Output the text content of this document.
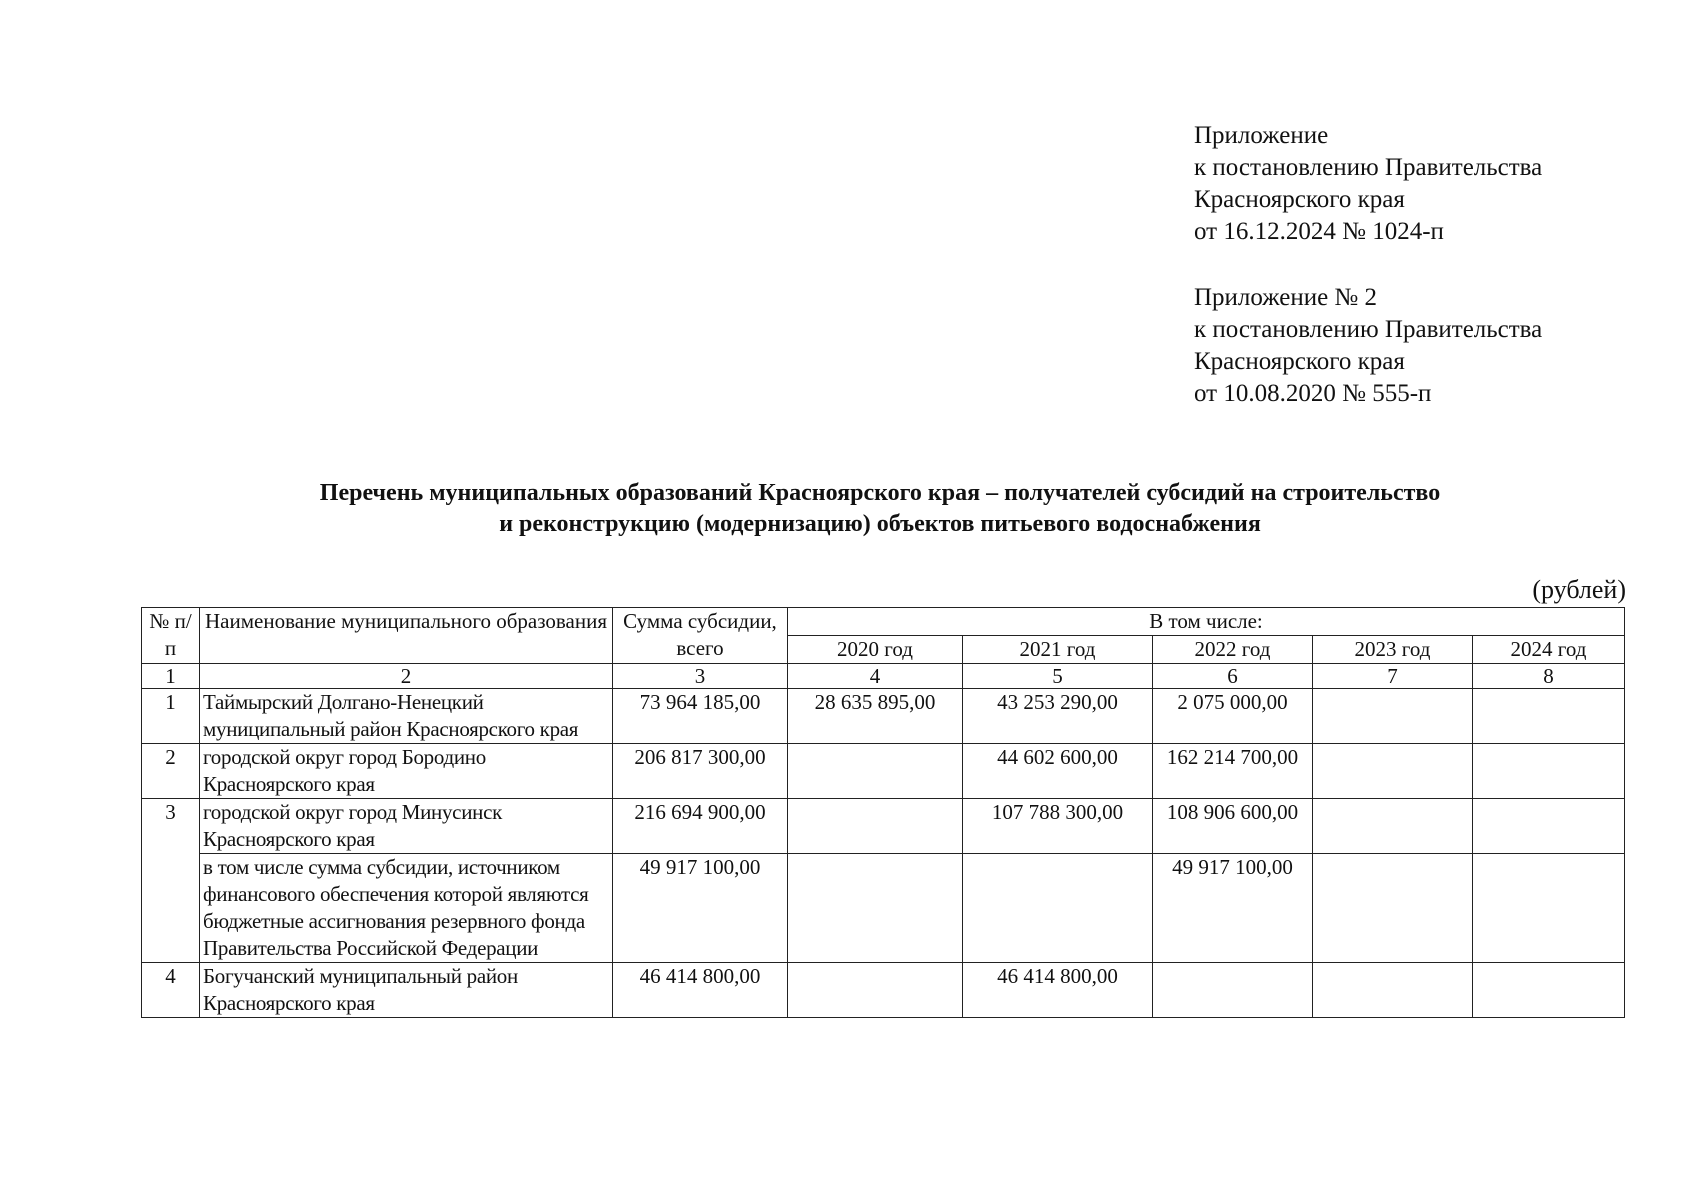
Приложение
к постановлению Правительства
Красноярского края
от 16.12.2024 № 1024-п
Приложение № 2
к постановлению Правительства
Красноярского края
от 10.08.2020 № 555-п
Перечень муниципальных образований Красноярского края – получателей субсидий на строительство
и реконструкцию (модернизацию) объектов питьевого водоснабжения
(рублей)
№ п/п	Наименование муниципального образования	Сумма субсидии, всего	В том числе:				
			2020 год	2021 год	2022 год	2023 год	2024 год
1	2	3	4	5	6	7	8
1	Таймырский Долгано-Ненецкий муниципальный район Красноярского края	73 964 185,00	28 635 895,00	43 253 290,00	2 075 000,00		
2	городской округ город Бородино Красноярского края	206 817 300,00		44 602 600,00	162 214 700,00		
3	городской округ город Минусинск Красноярского края	216 694 900,00		107 788 300,00	108 906 600,00		
	в том числе сумма субсидии, источником финансового обеспечения которой являются бюджетные ассигнования резервного фонда Правительства Российской Федерации	49 917 100,00			49 917 100,00		
4	Богучанский муниципальный район Красноярского края	46 414 800,00		46 414 800,00			
